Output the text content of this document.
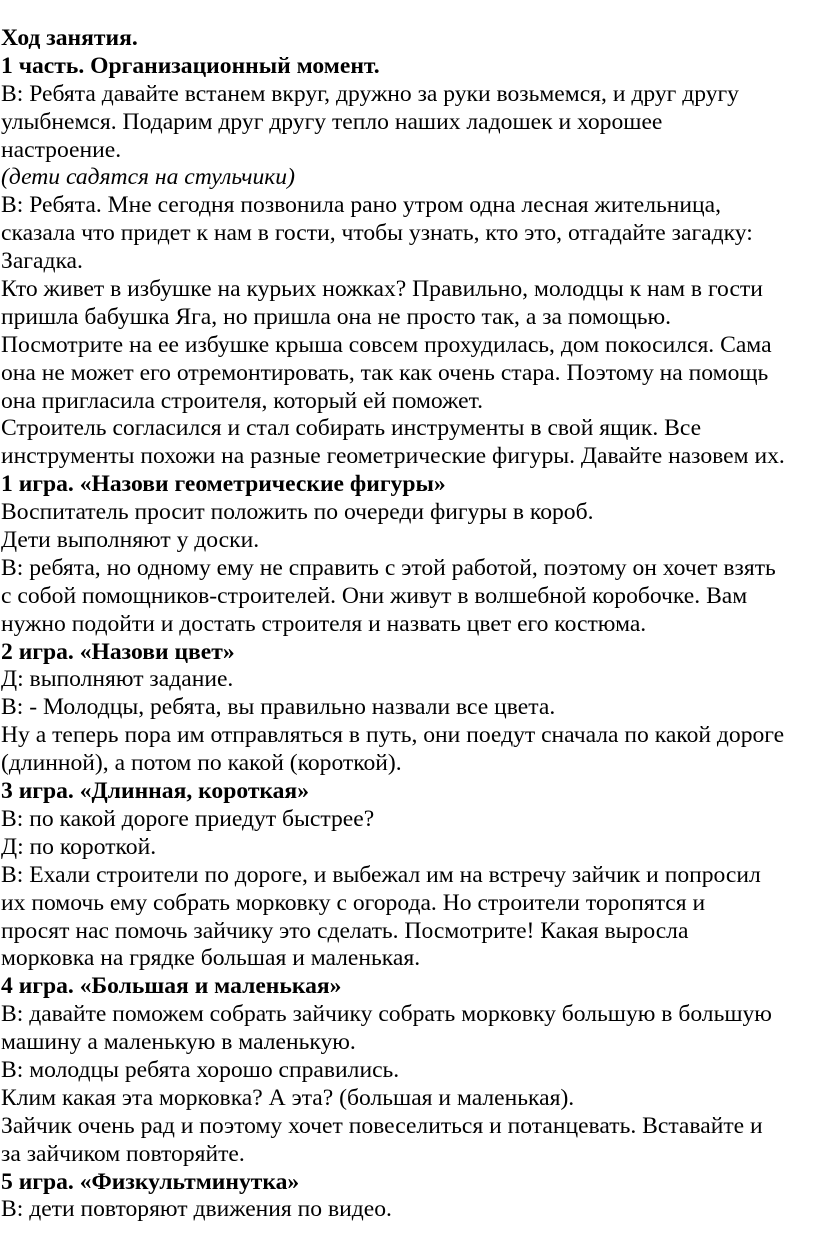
Ход занятия.
1 часть. Организационный момент.
В: Ребята давайте встанем вкруг, дружно за руки возьмемся, и друг другу
улыбнемся. Подарим друг другу тепло наших ладошек и хорошее
настроение.
(дети садятся на стульчики)
В: Ребята. Мне сегодня позвонила рано утром одна лесная жительница,
сказала что придет к нам в гости, чтобы узнать, кто это, отгадайте загадку:
Загадка.
Кто живет в избушке на курьих ножках? Правильно, молодцы к нам в гости
пришла бабушка Яга, но пришла она не просто так, а за помощью.
Посмотрите на ее избушке крыша совсем прохудилась, дом покосился. Сама
она не может его отремонтировать, так как очень стара. Поэтому на помощь
она пригласила строителя, который ей поможет.
Строитель согласился и стал собирать инструменты в свой ящик. Все
инструменты похожи на разные геометрические фигуры. Давайте назовем их.
1 игра. «Назови геометрические фигуры»
Воспитатель просит положить по очереди фигуры в короб.
Дети выполняют у доски.
В: ребята, но одному ему не справить с этой работой, поэтому он хочет взять
с собой помощников-строителей. Они живут в волшебной коробочке. Вам
нужно подойти и достать строителя и назвать цвет его костюма.
2 игра. «Назови цвет»
Д: выполняют задание.
В: - Молодцы, ребята, вы правильно назвали все цвета.
Ну а теперь пора им отправляться в путь, они поедут сначала по какой дороге
(длинной), а потом по какой (короткой).
3 игра. «Длинная, короткая»
В: по какой дороге приедут быстрее?
Д: по короткой.
В: Ехали строители по дороге, и выбежал им на встречу зайчик и попросил
их помочь ему собрать морковку с огорода. Но строители торопятся и
просят нас помочь зайчику это сделать. Посмотрите! Какая выросла
морковка на грядке большая и маленькая.
4 игра. «Большая и маленькая»
В: давайте поможем собрать зайчику собрать морковку большую в большую
машину а маленькую в маленькую.
В: молодцы ребята хорошо справились.
Клим какая эта морковка? А эта? (большая и маленькая).
Зайчик очень рад и поэтому хочет повеселиться и потанцевать. Вставайте и
за зайчиком повторяйте.
5 игра. «Физкультминутка»
В: дети повторяют движения по видео.
